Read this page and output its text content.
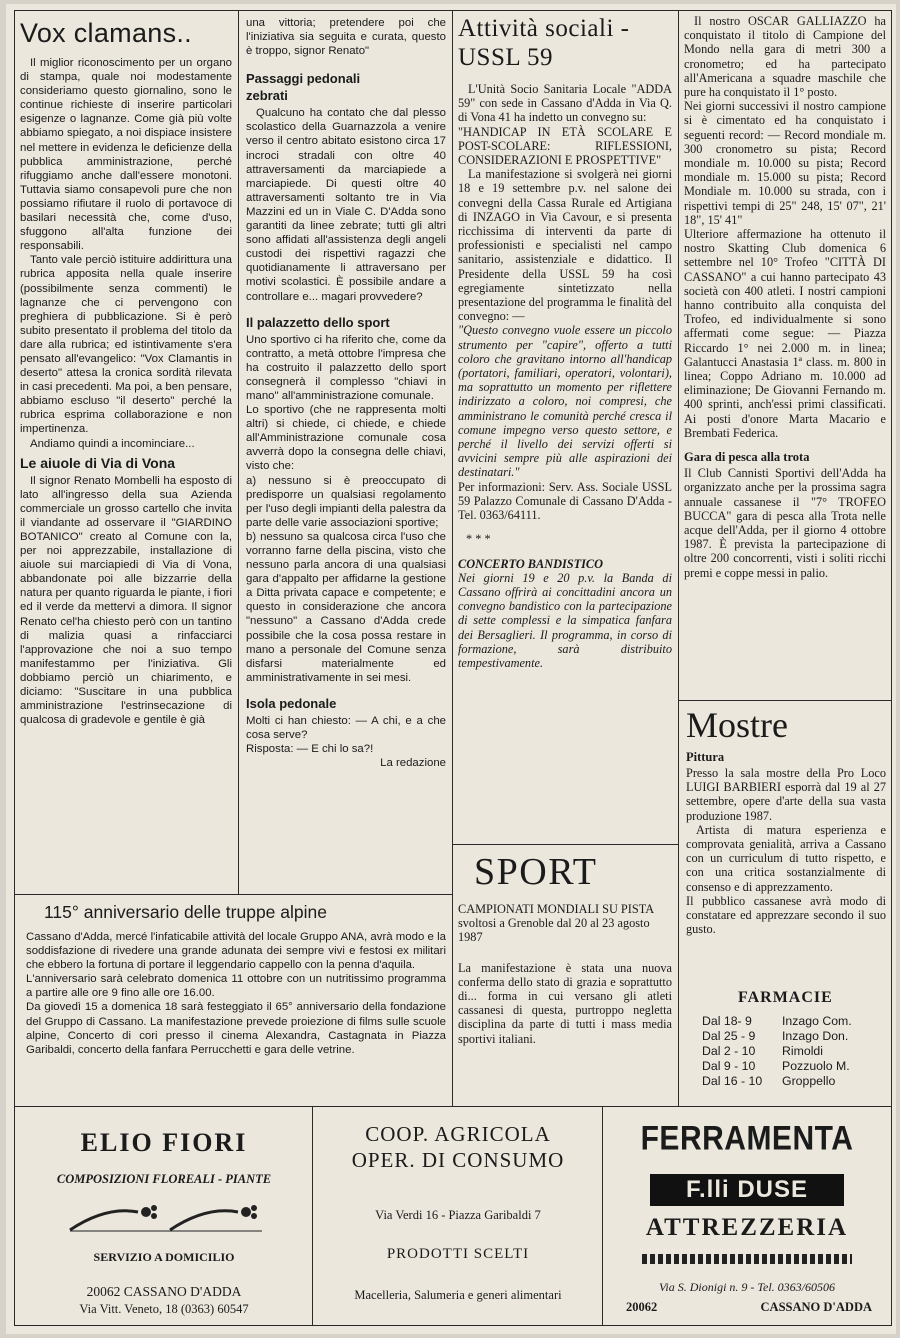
Vox clamans..

Il miglior riconoscimento per un organo di stampa, quale noi modestamente consideriamo questo giornalino, sono le continue richieste di inserire particolari esigenze o lagnanze. Come già più volte abbiamo spiegato, a noi dispiace insistere nel mettere in evidenza le deficienze della pubblica amministrazione, perché rifuggiamo anche dall'essere monotoni. Tuttavia siamo consapevoli pure che non possiamo rifiutare il ruolo di portavoce di basilari necessità che, come d'uso, sfuggono all'alta funzione dei responsabili.

Tanto vale perciò istituire addirittura una rubrica apposita nella quale inserire (possibilmente senza commenti) le lagnanze che ci pervengono con preghiera di pubblicazione. Si è però subito presentato il problema del titolo da dare alla rubrica; ed istintivamente s'era pensato all'evangelico: "Vox Clamantis in deserto" attesa la cronica sordità rilevata in casi precedenti. Ma poi, a ben pensare, abbiamo escluso "il deserto" perché la rubrica esprima collaborazione e non impertinenza.

Andiamo quindi a incominciare...

Le aiuole di Via di Vona

Il signor Renato Mombelli ha esposto di lato all'ingresso della sua Azienda commerciale un grosso cartello che invita il viandante ad osservare il "GIARDINO BOTANICO" creato al Comune con la, per noi apprezzabile, installazione di aiuole sui marciapiedi di Via di Vona, abbandonate poi alle bizzarrie della natura per quanto riguarda le piante, i fiori ed il verde da mettervi a dimora. Il signor Renato cel'ha chiesto però con un tantino di malizia quasi a rinfacciarci l'approvazione che noi a suo tempo manifestammo per l'iniziativa. Gli dobbiamo perciò un chiarimento, e diciamo: "Suscitare in una pubblica amministrazione l'estrinsecazione di qualcosa di gradevole e gentile è già

una vittoria; pretendere poi che l'iniziativa sia seguita e curata, questo è troppo, signor Renato"

Passaggi pedonali zebrati

Qualcuno ha contato che dal plesso scolastico della Guarnazzola a venire verso il centro abitato esistono circa 17 incroci stradali con oltre 40 attraversamenti da marciapiede a marciapiede. Di questi oltre 40 attraversamenti soltanto tre in Via Mazzini ed un in Viale C. D'Adda sono garantiti da linee zebrate; tutti gli altri sono affidati all'assistenza degli angeli custodi dei rispettivi ragazzi che quotidianamente li attraversano per motivi scolastici. È possibile andare a controllare e... magari provvedere?

Il palazzetto dello sport

Uno sportivo ci ha riferito che, come da contratto, a metà ottobre l'impresa che ha costruito il palazzetto dello sport consegnerà il complesso "chiavi in mano" all'amministrazione comunale.

Lo sportivo (che ne rappresenta molti altri) si chiede, ci chiede, e chiede all'Amministrazione comunale cosa avverrà dopo la consegna delle chiavi, visto che:

a) nessuno si è preoccupato di predisporre un qualsiasi regolamento per l'uso degli impianti della palestra da parte delle varie associazioni sportive;

b) nessuno sa qualcosa circa l'uso che vorranno farne della piscina, visto che nessuno parla ancora di una qualsiasi gara d'appalto per affidarne la gestione a Ditta privata capace e competente; e questo in considerazione che ancora "nessuno" a Cassano d'Adda crede possibile che la cosa possa restare in mano a personale del Comune senza disfarsi materialmente ed amministrativamente in sei mesi.

Isola pedonale

Molti ci han chiesto: — A chi, e a che cosa serve?

Risposta: — E chi lo sa?!

La redazione

Attività sociali - USSL 59

L'Unità Socio Sanitaria Locale "ADDA 59" con sede in Cassano d'Adda in Via Q. di Vona 41 ha indetto un convegno su:

"HANDICAP IN ETÀ SCOLARE E POST-SCOLARE: RIFLESSIONI, CONSIDERAZIONI E PROSPETTIVE"

La manifestazione si svolgerà nei giorni 18 e 19 settembre p.v. nel salone dei convegni della Cassa Rurale ed Artigiana di INZAGO in Via Cavour, e si presenta ricchissima di interventi da parte di professionisti e specialisti nel campo sanitario, assistenziale e didattico. Il Presidente della USSL 59 ha così egregiamente sintetizzato nella presentazione del programma le finalità del convegno: —

"Questo convegno vuole essere un piccolo strumento per "capire", offerto a tutti coloro che gravitano intorno all'handicap (portatori, familiari, operatori, volontari), ma soprattutto un momento per riflettere indirizzato a coloro, noi compresi, che amministrano le comunità perché cresca il comune impegno verso questo settore, e perché il livello dei servizi offerti si avvicini sempre più alle aspirazioni dei destinatari."

Per informazioni: Serv. Ass. Sociale USSL 59 Palazzo Comunale di Cassano D'Adda - Tel. 0363/64111.

* * *

CONCERTO BANDISTICO

Nei giorni 19 e 20 p.v. la Banda di Cassano offrirà ai concittadini ancora un convegno bandistico con la partecipazione di sette complessi e la simpatica fanfara dei Bersaglieri. Il programma, in corso di formazione, sarà distribuito tempestivamente.

SPORT

CAMPIONATI MONDIALI SU PISTA

svoltosi a Grenoble dal 20 al 23 agosto 1987

La manifestazione è stata una nuova conferma dello stato di grazia e soprattutto di... forma in cui versano gli atleti cassanesi di questa, purtroppo negletta disciplina da parte di tutti i mass media sportivi italiani.

Il nostro OSCAR GALLIAZZO ha conquistato il titolo di Campione del Mondo nella gara di metri 300 a cronometro; ed ha partecipato all'Americana a squadre maschile che pure ha conquistato il 1° posto.

Nei giorni successivi il nostro campione si è cimentato ed ha conquistato i seguenti record: — Record mondiale m. 300 cronometro su pista; Record mondiale m. 10.000 su pista; Record mondiale m. 15.000 su pista; Record Mondiale m. 10.000 su strada, con i rispettivi tempi di 25" 248, 15' 07", 21' 18", 15' 41"

Ulteriore affermazione ha ottenuto il nostro Skatting Club domenica 6 settembre nel 10° Trofeo "CITTÀ DI CASSANO" a cui hanno partecipato 43 società con 400 atleti. I nostri campioni hanno contribuito alla conquista del Trofeo, ed individualmente si sono affermati come segue: — Piazza Riccardo 1° nei 2.000 m. in linea; Galantucci Anastasia 1ª class. m. 800 in linea; Coppo Adriano m. 10.000 ad eliminazione; De Giovanni Fernando m. 400 sprinti, anch'essi primi classificati. Ai posti d'onore Marta Macario e Brembati Federica.

Gara di pesca alla trota

Il Club Cannisti Sportivi dell'Adda ha organizzato anche per la prossima sagra annuale cassanese il "7° TROFEO BUCCA" gara di pesca alla Trota nelle acque dell'Adda, per il giorno 4 ottobre 1987. È prevista la partecipazione di oltre 200 concorrenti, visti i soliti ricchi premi e coppe messi in palio.

Mostre
Pittura

Presso la sala mostre della Pro Loco LUIGI BARBIERI esporrà dal 19 al 27 settembre, opere d'arte della sua vasta produzione 1987.

Artista di matura esperienza e comprovata genialità, arriva a Cassano con un curriculum di tutto rispetto, e con una critica sostanzialmente di consenso e di apprezzamento.

Il pubblico cassanese avrà modo di constatare ed apprezzare secondo il suo gusto.

FARMACIE
Dal 18- 9	Inzago Com.
Dal 25 - 9	Inzago Don.
Dal 2 - 10	Rimoldi
Dal 9 - 10	Pozzuolo M.
Dal 16 - 10	Groppello
115° anniversario delle truppe alpine

Cassano d'Adda, mercé l'infaticabile attività del locale Gruppo ANA, avrà modo e la soddisfazione di rivedere una grande adunata dei sempre vivi e festosi ex militari che ebbero la fortuna di portare il leggendario cappello con la penna d'aquila.

L'anniversario sarà celebrato domenica 11 ottobre con un nutritissimo programma a partire alle ore 9 fino alle ore 16.00.

Da giovedì 15 a domenica 18 sarà festeggiato il 65° anniversario della fondazione del Gruppo di Cassano. La manifestazione prevede proiezione di films sulle scuole alpine, Concerto di cori presso il cinema Alexandra, Castagnata in Piazza Garibaldi, concerto della fanfara Perrucchetti e gara delle vetrine.

ELIO FIORI
COMPOSIZIONI FLOREALI - PIANTE
SERVIZIO A DOMICILIO
20062 CASSANO D'ADDA
Via Vitt. Veneto, 18 (0363) 60547
COOP. AGRICOLA
OPER. DI CONSUMO
Via Verdi 16 - Piazza Garibaldi 7
PRODOTTI SCELTI
Macelleria, Salumeria e generi alimentari
FERRAMENTA
F.lli DUSE
ATTREZZERIA
Via S. Dionigi n. 9 - Tel. 0363/60506
20062	CASSANO D'ADDA
